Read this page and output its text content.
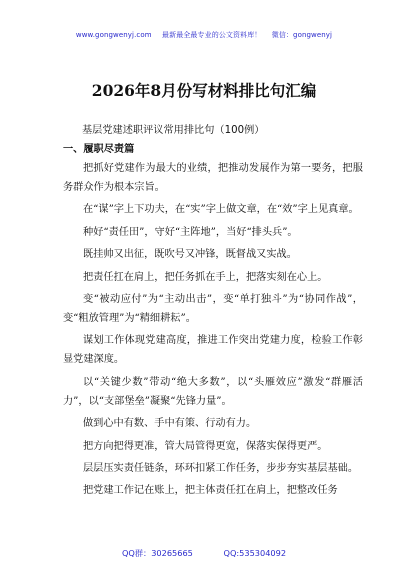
www.gongwenyj.com 最新最全最专业的公文资料库！ 微信：gongwenyj
2026年8月份写材料排比句汇编

基层党建述职评议常用排比句（100例）

一、履职尽责篇

把抓好党建作为最大的业绩，把推动发展作为第一要务，把服务群众作为根本宗旨。

在“谋”字上下功夫，在“实”字上做文章，在“效”字上见真章。

种好“责任田”，守好“主阵地”，当好“排头兵”。

既挂帅又出征，既吹号又冲锋，既督战又实战。

把责任扛在肩上，把任务抓在手上，把落实刻在心上。

变“被动应付”为“主动出击”，变“单打独斗”为“协同作战”，变“粗放管理”为“精细耕耘”。

谋划工作体现党建高度，推进工作突出党建力度，检验工作彰显党建深度。

以“关键少数”带动“绝大多数”，以“头雁效应”激发“群雁活力”，以“支部堡垒”凝聚“先锋力量”。

做到心中有数、手中有策、行动有力。

把方向把得更准，管大局管得更宽，保落实保得更严。

层层压实责任链条，环环扣紧工作任务，步步夯实基层基础。

把党建工作记在账上，把主体责任扛在肩上，把整改任务

QQ群：30265665	QQ:535304092
